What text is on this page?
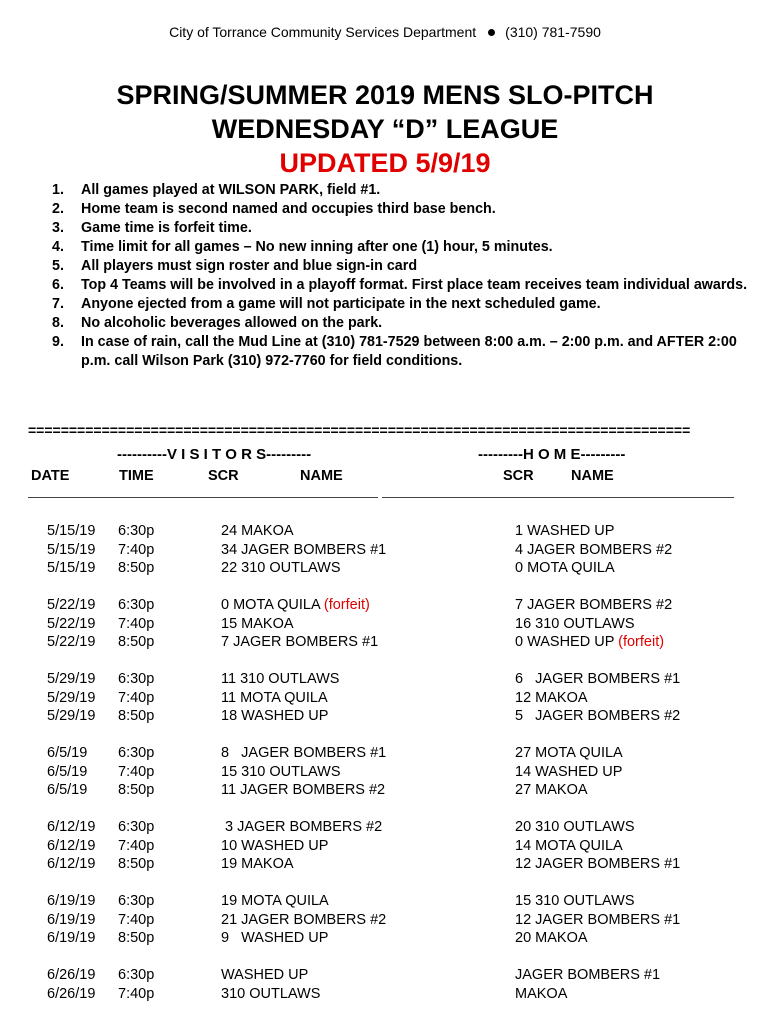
City of Torrance Community Services Department (310) 781-7590
SPRING/SUMMER 2019 MENS SLO-PITCH
WEDNESDAY “D” LEAGUE
UPDATED 5/9/19
1. All games played at WILSON PARK, field #1.
2. Home team is second named and occupies third base bench.
3. Game time is forfeit time.
4. Time limit for all games – No new inning after one (1) hour, 5 minutes.
5. All players must sign roster and blue sign-in card
6. Top 4 Teams will be involved in a playoff format. First place team receives team individual awards.
7. Anyone ejected from a game will not participate in the next scheduled game.
8. No alcoholic beverages allowed on the park.
9. In case of rain, call the Mud Line at (310) 781-7529 between 8:00 a.m. – 2:00 p.m. and AFTER 2:00 p.m. call Wilson Park (310) 972-7760 for field conditions.
=================================================================================
----------V I S I T O R S---------	---------H O M E---------
DATE	TIME	SCR	NAME	SCR	NAME
5/15/19 6:30p	24 MAKOA	1 WASHED UP
5/15/19 7:40p	34 JAGER BOMBERS #1	4 JAGER BOMBERS #2
5/15/19 8:50p	22 310 OUTLAWS	0 MOTA QUILA
5/22/19 6:30p	0 MOTA QUILA (forfeit)	7 JAGER BOMBERS #2
5/22/19 7:40p	15 MAKOA	16 310 OUTLAWS
5/22/19 8:50p	7 JAGER BOMBERS #1	0 WASHED UP (forfeit)
5/29/19 6:30p	11 310 OUTLAWS	6   JAGER BOMBERS #1
5/29/19 7:40p	11 MOTA QUILA	12 MAKOA
5/29/19 8:50p	18 WASHED UP	5   JAGER BOMBERS #2
6/5/19 6:30p	8   JAGER BOMBERS #1	27 MOTA QUILA
6/5/19 7:40p	15 310 OUTLAWS	14 WASHED UP
6/5/19 8:50p	11 JAGER BOMBERS #2	27 MAKOA
6/12/19 6:30p	3 JAGER BOMBERS #2	20 310 OUTLAWS
6/12/19 7:40p	10 WASHED UP	14 MOTA QUILA
6/12/19 8:50p	19 MAKOA	12 JAGER BOMBERS #1
6/19/19 6:30p	19 MOTA QUILA	15 310 OUTLAWS
6/19/19 7:40p	21 JAGER BOMBERS #2	12 JAGER BOMBERS #1
6/19/19 8:50p	9   WASHED UP	20 MAKOA
6/26/19 6:30p	WASHED UP	JAGER BOMBERS #1
6/26/19 7:40p	310 OUTLAWS	MAKOA
